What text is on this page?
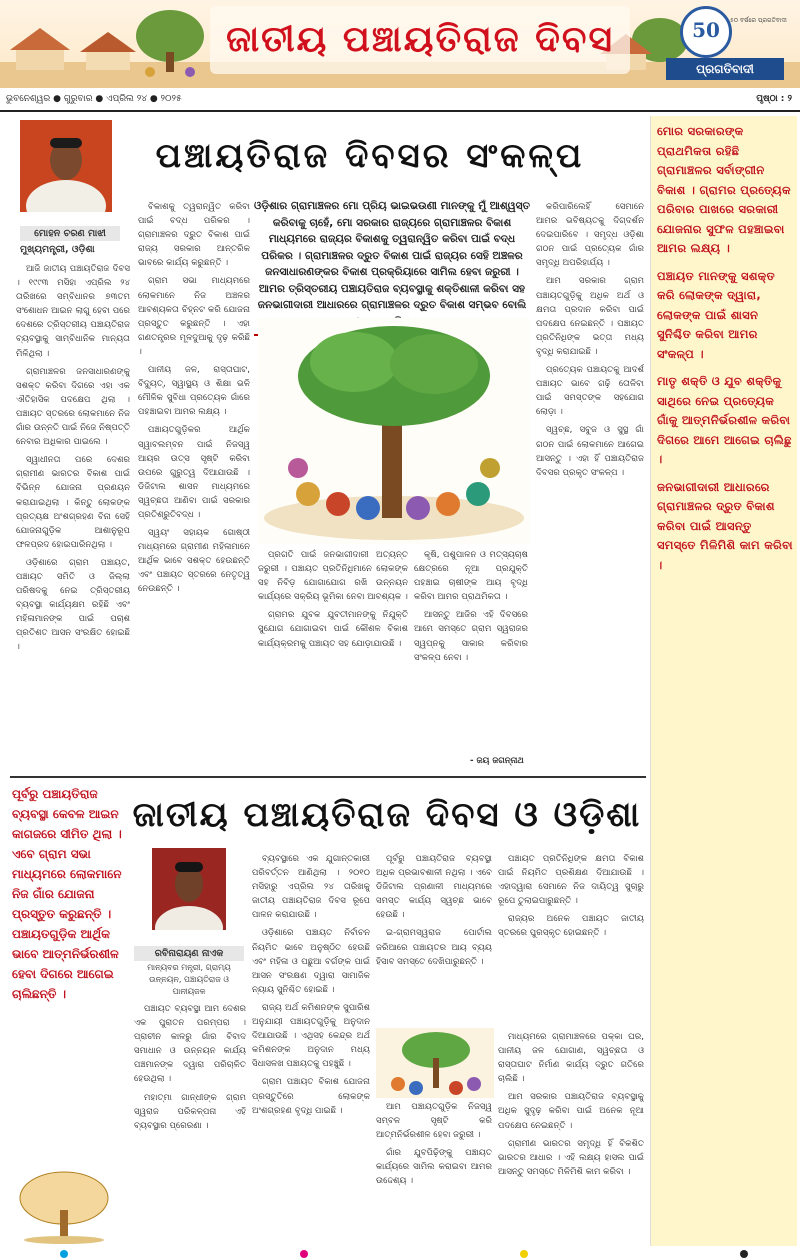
ଜାତୀୟ ପଞ୍ଚାୟତିରାଜ ଦିବସ	50	୫୦ ବର୍ଷରେ ପ୍ରଗତିବାଦୀ
ପ୍ରଗତିବାଦୀ
ଭୁବନେଶ୍ୱର ● ଗୁରୁବାର ● ଏପ୍ରିଲ ୨୪ ● ୨୦୨୫	ପୃଷ୍ଠା : ୨
ମୋହନ ଚରଣ ମାଝୀ
ମୁଖ୍ୟମନ୍ତ୍ରୀ, ଓଡ଼ିଶା
ପଞ୍ଚାୟତିରାଜ ଦିବସର ସଂକଳ୍ପ

ଆଜି ଜାତୀୟ ପଞ୍ଚାୟତିରାଜ ଦିବସ । ୧୯୯୩ ମସିହା ଏପ୍ରିଲ ୨୪ ତାରିଖରେ ସମ୍ବିଧାନର ୭୩ତମ ସଂଶୋଧନ ଆଇନ ଲାଗୁ ହେବା ପରେ ଦେଶରେ ତ୍ରିସ୍ତରୀୟ ପଞ୍ଚାୟତିରାଜ ବ୍ୟବସ୍ଥାକୁ ସାମ୍ବିଧାନିକ ମାନ୍ୟତା ମିଳିଥିଲା ।

ଗ୍ରାମାଞ୍ଚଳର ଜନସାଧାରଣଙ୍କୁ ସଶକ୍ତ କରିବା ଦିଗରେ ଏହା ଏକ ଐତିହାସିକ ପଦକ୍ଷେପ ଥିଲା । ପଞ୍ଚାୟତ ସ୍ତରରେ ଲୋକମାନେ ନିଜ ଗାଁର ଉନ୍ନତି ପାଇଁ ନିଜେ ନିଷ୍ପତ୍ତି ନେବାର ଅଧିକାର ପାଇଲେ ।

ସ୍ୱାଧୀନତା ପରେ ଦେଶର ଗ୍ରାମୀଣ ଭାରତର ବିକାଶ ପାଇଁ ବିଭିନ୍ନ ଯୋଜନା ପ୍ରଣୟନ କରାଯାଇଥିଲା । କିନ୍ତୁ ଲୋକଙ୍କ ପ୍ରତ୍ୟକ୍ଷ ଅଂଶଗ୍ରହଣ ବିନା ସେହି ଯୋଜନାଗୁଡ଼ିକ ଆଶାନୁରୂପ ଫଳପ୍ରଦ ହୋଇପାରିନଥିଲା ।

ଓଡ଼ିଶାରେ ଗ୍ରାମ ପଞ୍ଚାୟତ, ପଞ୍ଚାୟତ ସମିତି ଓ ଜିଲ୍ଲା ପରିଷଦକୁ ନେଇ ତ୍ରିସ୍ତରୀୟ ବ୍ୟବସ୍ଥା କାର୍ଯ୍ୟକ୍ଷମ ରହିଛି ଏବଂ ମହିଳାମାନଙ୍କ ପାଇଁ ପଚାଶ ପ୍ରତିଶତ ଆସନ ସଂରକ୍ଷିତ ହୋଇଛି ।

ବିକାଶକୁ ତ୍ୱରାନ୍ୱିତ କରିବା ପାଇଁ ବଦ୍ଧ ପରିକର । ଗ୍ରାମାଞ୍ଚଳର ଦ୍ରୁତ ବିକାଶ ପାଇଁ ରାଜ୍ୟ ସରକାର ଆନ୍ତରିକ ଭାବରେ କାର୍ଯ୍ୟ କରୁଛନ୍ତି ।

ଗ୍ରାମ ସଭା ମାଧ୍ୟମରେ ଲୋକମାନେ ନିଜ ଅଞ୍ଚଳର ଆବଶ୍ୟକତା ଚିହ୍ନଟ କରି ଯୋଜନା ପ୍ରସ୍ତୁତ କରୁଛନ୍ତି । ଏହା ଗଣତନ୍ତ୍ରର ମୂଳଦୁଆକୁ ଦୃଢ଼ କରିଛି ।

ପାନୀୟ ଜଳ, ରାସ୍ତାଘାଟ, ବିଦ୍ୟୁତ୍, ସ୍ୱାସ୍ଥ୍ୟ ଓ ଶିକ୍ଷା ଭଳି ମୌଳିକ ସୁବିଧା ପ୍ରତ୍ୟେକ ଗାଁରେ ପହଞ୍ଚାଇବା ଆମର ଲକ୍ଷ୍ୟ ।

ପଞ୍ଚାୟତଗୁଡ଼ିକର ଆର୍ଥିକ ସ୍ୱାବଲମ୍ବନ ପାଇଁ ନିଜସ୍ୱ ଆୟର ଉତ୍ସ ସୃଷ୍ଟି କରିବା ଉପରେ ଗୁରୁତ୍ୱ ଦିଆଯାଉଛି । ଡିଜିଟାଲ ଶାସନ ମାଧ୍ୟମରେ ସ୍ୱଚ୍ଛତା ଆଣିବା ପାଇଁ ସରକାର ପ୍ରତିଶ୍ରୁତିବଦ୍ଧ ।

ସ୍ୱୟଂ ସହାୟକ ଗୋଷ୍ଠୀ ମାଧ୍ୟମରେ ଗ୍ରାମୀଣ ମହିଳାମାନେ ଆର୍ଥିକ ଭାବେ ସଶକ୍ତ ହେଉଛନ୍ତି ଏବଂ ପଞ୍ଚାୟତ ସ୍ତରରେ ନେତୃତ୍ୱ ନେଉଛନ୍ତି ।

ଓଡ଼ିଶାର ଗ୍ରାମାଞ୍ଚଳର ମୋ ପ୍ରିୟ ଭାଇଭଉଣୀ ମାନଙ୍କୁ ମୁଁ ଆଶ୍ୱସ୍ତ କରିବାକୁ ଚାହେଁ, ମୋ ସରକାର ରାଜ୍ୟରେ ଗ୍ରାମାଞ୍ଚଳର ବିକାଶ ମାଧ୍ୟମରେ ରାଜ୍ୟର ବିକାଶକୁ ତ୍ୱରାନ୍ୱିତ କରିବା ପାଇଁ ବଦ୍ଧ ପରିକର । ଗ୍ରାମାଞ୍ଚଳର ଦ୍ରୁତ ବିକାଶ ପାଇଁ ରାଜ୍ୟର ସେହି ଅଞ୍ଚଳର ଜନସାଧାରଣଙ୍କର ବିକାଶ ପ୍ରକ୍ରିୟାରେ ସାମିଲ ହେବା ଜରୁରୀ । ଆମର ତ୍ରିସ୍ତରୀୟ ପଞ୍ଚାୟତିରାଜ ବ୍ୟବସ୍ଥାକୁ ଶକ୍ତିଶାଳୀ କରିବା ସହ ଜନଭାଗୀଦାରୀ ଆଧାରରେ ଗ୍ରାମାଞ୍ଚଳର ଦ୍ରୁତ ବିକାଶ ସମ୍ଭବ ବୋଲି

ପ୍ରଗତି ପାଇଁ ଜନଭାଗୀଦାରୀ ଅତ୍ୟନ୍ତ ଜରୁରୀ । ପଞ୍ଚାୟତ ପ୍ରତିନିଧିମାନେ ଲୋକଙ୍କ ସହ ନିବିଡ଼ ଯୋଗାଯୋଗ ରଖି ଉନ୍ନୟନ କାର୍ଯ୍ୟରେ ସକ୍ରିୟ ଭୂମିକା ନେବା ଆବଶ୍ୟକ ।

ଗ୍ରାମର ଯୁବକ ଯୁବତୀମାନଙ୍କୁ ନିଯୁକ୍ତି ସୁଯୋଗ ଯୋଗାଇବା ପାଇଁ କୌଶଳ ବିକାଶ କାର୍ଯ୍ୟକ୍ରମକୁ ପଞ୍ଚାୟତ ସହ ଯୋଡ଼ାଯାଉଛି ।

କୃଷି, ପଶୁପାଳନ ଓ ମତ୍ସ୍ୟଚାଷ କ୍ଷେତ୍ରରେ ନୂଆ ପ୍ରଯୁକ୍ତି ପହଞ୍ଚାଇ ଚାଷୀଙ୍କ ଆୟ ବୃଦ୍ଧି କରିବା ଆମର ପ୍ରାଥମିକତା ।

ଆସନ୍ତୁ ଆଜିର ଏହି ଦିବସରେ ଆମେ ସମସ୍ତେ ଗ୍ରାମ ସ୍ୱରାଜର ସ୍ୱପ୍ନକୁ ସାକାର କରିବାର ସଂକଳ୍ପ ନେବା ।

କରିପାରିଲେହିଁ ସେମାନେ ଆମର ଭବିଷ୍ୟତକୁ ଦିଗ୍‌ଦର୍ଶନ ଦେଇପାରିବେ । ସମୃଦ୍ଧ ଓଡ଼ିଶା ଗଠନ ପାଇଁ ପ୍ରତ୍ୟେକ ଗାଁର ସମୃଦ୍ଧି ଅପରିହାର୍ଯ୍ୟ ।

ଆମ ସରକାର ଗ୍ରାମ ପଞ୍ଚାୟତଗୁଡ଼ିକୁ ଅଧିକ ଅର୍ଥ ଓ କ୍ଷମତା ପ୍ରଦାନ କରିବା ପାଇଁ ପଦକ୍ଷେପ ନେଇଛନ୍ତି । ପଞ୍ଚାୟତ ପ୍ରତିନିଧିଙ୍କ ଭତ୍ତା ମଧ୍ୟ ବୃଦ୍ଧି କରାଯାଇଛି ।

ପ୍ରତ୍ୟେକ ପଞ୍ଚାୟତକୁ ଆଦର୍ଶ ପଞ୍ଚାୟତ ଭାବେ ଗଢ଼ି ତୋଳିବା ପାଇଁ ସମସ୍ତଙ୍କ ସହଯୋଗ ଲୋଡ଼ା ।

ସ୍ୱଚ୍ଛ, ସବୁଜ ଓ ସୁସ୍ଥ ଗାଁ ଗଠନ ପାଇଁ ଲୋକମାନେ ଆଗେଇ ଆସନ୍ତୁ । ଏହା ହିଁ ପଞ୍ଚାୟତିରାଜ ଦିବସର ପ୍ରକୃତ ସଂକଳ୍ପ ।

- ଜୟ ଜଗନ୍ନାଥ

ମୋର ସରକାରଙ୍କ ପ୍ରାଥମିକତା ରହିଛି ଗ୍ରାମାଞ୍ଚଳର ସର୍ବାଙ୍ଗୀନ ବିକାଶ । ଗ୍ରାମର ପ୍ରତ୍ୟେକ ପରିବାର ପାଖରେ ସରକାରୀ ଯୋଜନାର ସୁଫଳ ପହଞ୍ଚାଇବା ଆମର ଲକ୍ଷ୍ୟ ।

ପଞ୍ଚାୟତ ମାନଙ୍କୁ ସଶକ୍ତ କରି ଲୋକଙ୍କ ଦ୍ୱାରା, ଲୋକଙ୍କ ପାଇଁ ଶାସନ ସୁନିଶ୍ଚିତ କରିବା ଆମର ସଂକଳ୍ପ ।

ମାତୃ ଶକ୍ତି ଓ ଯୁବ ଶକ୍ତିକୁ ସାଥିରେ ନେଇ ପ୍ରତ୍ୟେକ ଗାଁକୁ ଆତ୍ମନିର୍ଭରଶୀଳ କରିବା ଦିଗରେ ଆମେ ଆଗେଇ ଚାଲିଛୁ ।

ଜନଭାଗୀଦାରୀ ଆଧାରରେ ଗ୍ରାମାଞ୍ଚଳର ଦ୍ରୁତ ବିକାଶ କରିବା ପାଇଁ ଆସନ୍ତୁ ସମସ୍ତେ ମିଳିମିଶି କାମ କରିବା ।

ପୂର୍ବରୁ ପଞ୍ଚାୟତିରାଜ ବ୍ୟବସ୍ଥା କେବଳ ଆଇନ କାଗଜରେ ସୀମିତ ଥିଲା । ଏବେ ଗ୍ରାମ ସଭା ମାଧ୍ୟମରେ ଲୋକମାନେ ନିଜ ଗାଁର ଯୋଜନା ପ୍ରସ୍ତୁତ କରୁଛନ୍ତି । ପଞ୍ଚାୟତଗୁଡ଼ିକ ଆର୍ଥିକ ଭାବେ ଆତ୍ମନିର୍ଭରଶୀଳ ହେବା ଦିଗରେ ଆଗେଇ ଚାଲିଛନ୍ତି ।

ଜାତୀୟ ପଞ୍ଚାୟତିରାଜ ଦିବସ ଓ ଓଡ଼ିଶା
ରବିନାରାୟଣ ନାଏକ
ମାନ୍ୟବର ମନ୍ତ୍ରୀ, ଗ୍ରାମ୍ୟ ଉନ୍ନୟନ, ପଞ୍ଚାୟତିରାଜ ଓ ପାନୀୟଜଳ

ପଞ୍ଚାୟତ ବ୍ୟବସ୍ଥା ଆମ ଦେଶର ଏକ ପୁରାତନ ପରମ୍ପରା । ପ୍ରାଚୀନ କାଳରୁ ଗାଁର ବିବାଦ ସମାଧାନ ଓ ଉନ୍ନୟନ କାର୍ଯ୍ୟ ପଞ୍ଚମାନଙ୍କ ଦ୍ୱାରା ପରିଚାଳିତ ହେଉଥିଲା ।

ମହାତ୍ମା ଗାନ୍ଧୀଙ୍କ ଗ୍ରାମ ସ୍ୱରାଜ ପରିକଳ୍ପନା ଏହି ବ୍ୟବସ୍ଥାର ପ୍ରେରଣା ।

ବ୍ୟବସ୍ଥାରେ ଏକ ଯୁଗାନ୍ତକାରୀ ପରିବର୍ତ୍ତନ ଆଣିଥିଲା । ୨୦୧୦ ମସିହାରୁ ଏପ୍ରିଲ ୨୪ ତାରିଖକୁ ଜାତୀୟ ପଞ୍ଚାୟତିରାଜ ଦିବସ ରୂପେ ପାଳନ କରାଯାଉଛି ।

ଓଡ଼ିଶାରେ ପଞ୍ଚାୟତ ନିର୍ବାଚନ ନିୟମିତ ଭାବେ ଅନୁଷ୍ଠିତ ହେଉଛି ଏବଂ ମହିଳା ଓ ପଛୁଆ ବର୍ଗଙ୍କ ପାଇଁ ଆସନ ସଂରକ୍ଷଣ ଦ୍ୱାରା ସାମାଜିକ ନ୍ୟାୟ ସୁନିଶ୍ଚିତ ହୋଇଛି ।

ରାଜ୍ୟ ଅର୍ଥ କମିଶନଙ୍କ ସୁପାରିଶ ଅନୁଯାୟୀ ପଞ୍ଚାୟତଗୁଡ଼ିକୁ ଅନୁଦାନ ଦିଆଯାଉଛି । ଏଥିସହ କେନ୍ଦ୍ର ଅର୍ଥ କମିଶନଙ୍କ ଅନୁଦାନ ମଧ୍ୟ ସିଧାସଳଖ ପଞ୍ଚାୟତକୁ ପହଞ୍ଚୁଛି ।

ଗ୍ରାମ ପଞ୍ଚାୟତ ବିକାଶ ଯୋଜନା ପ୍ରସ୍ତୁତିରେ ଲୋକଙ୍କ ଅଂଶଗ୍ରହଣ ବୃଦ୍ଧି ପାଇଛି ।

ପୂର୍ବରୁ ପଞ୍ଚାୟତିରାଜ ବ୍ୟବସ୍ଥା ଅଧିକ ପ୍ରଭାବଶାଳୀ ନଥିଲା । ଏବେ ଡିଜିଟାଲ ପ୍ରଣାଳୀ ମାଧ୍ୟମରେ ସମସ୍ତ କାର୍ଯ୍ୟ ସ୍ୱଚ୍ଛ ଭାବେ ହେଉଛି ।

ଇ-ଗ୍ରାମସ୍ୱରାଜ ପୋର୍ଟାଲ ଜରିଆରେ ପଞ୍ଚାୟତର ଆୟ ବ୍ୟୟ ହିସାବ ସମସ୍ତେ ଦେଖିପାରୁଛନ୍ତି ।

ପଞ୍ଚାୟତ ପ୍ରତିନିଧିଙ୍କ କ୍ଷମତା ବିକାଶ ପାଇଁ ନିୟମିତ ପ୍ରଶିକ୍ଷଣ ଦିଆଯାଉଛି । ଏହାଦ୍ୱାରା ସେମାନେ ନିଜ ଦାୟିତ୍ୱ ସୁଚାରୁ ରୂପେ ତୁଲାଇପାରୁଛନ୍ତି ।

ରାଜ୍ୟର ଅନେକ ପଞ୍ଚାୟତ ଜାତୀୟ ସ୍ତରରେ ପୁରସ୍କୃତ ହୋଇଛନ୍ତି ।

ଆମ ପଞ୍ଚାୟତଗୁଡ଼ିକ ନିଜସ୍ୱ ସମ୍ବଳ ସୃଷ୍ଟି କରି ଆତ୍ମନିର୍ଭରଶୀଳ ହେବା ଜରୁରୀ ।

ଗାଁର ଯୁବପିଢ଼ିଙ୍କୁ ପଞ୍ଚାୟତ କାର୍ଯ୍ୟରେ ସାମିଲ କରାଇବା ଆମର ଉଦ୍ଦେଶ୍ୟ ।

ମାଧ୍ୟମରେ ଗ୍ରାମାଞ୍ଚଳରେ ପକ୍କା ଘର, ପାନୀୟ ଜଳ ଯୋଗାଣ, ସ୍ୱଚ୍ଛତା ଓ ରାସ୍ତାଘାଟ ନିର୍ମାଣ କାର୍ଯ୍ୟ ଦ୍ରୁତ ଗତିରେ ଚାଲିଛି ।

ଆମ ସରକାର ପଞ୍ଚାୟତିରାଜ ବ୍ୟବସ୍ଥାକୁ ଅଧିକ ସୁଦୃଢ଼ କରିବା ପାଇଁ ଅନେକ ନୂଆ ପଦକ୍ଷେପ ନେଇଛନ୍ତି ।

ଗ୍ରାମୀଣ ଭାରତର ସମୃଦ୍ଧି ହିଁ ବିକଶିତ ଭାରତର ଆଧାର । ଏହି ଲକ୍ଷ୍ୟ ହାସଲ ପାଇଁ ଆସନ୍ତୁ ସମସ୍ତେ ମିଳିମିଶି କାମ କରିବା ।
